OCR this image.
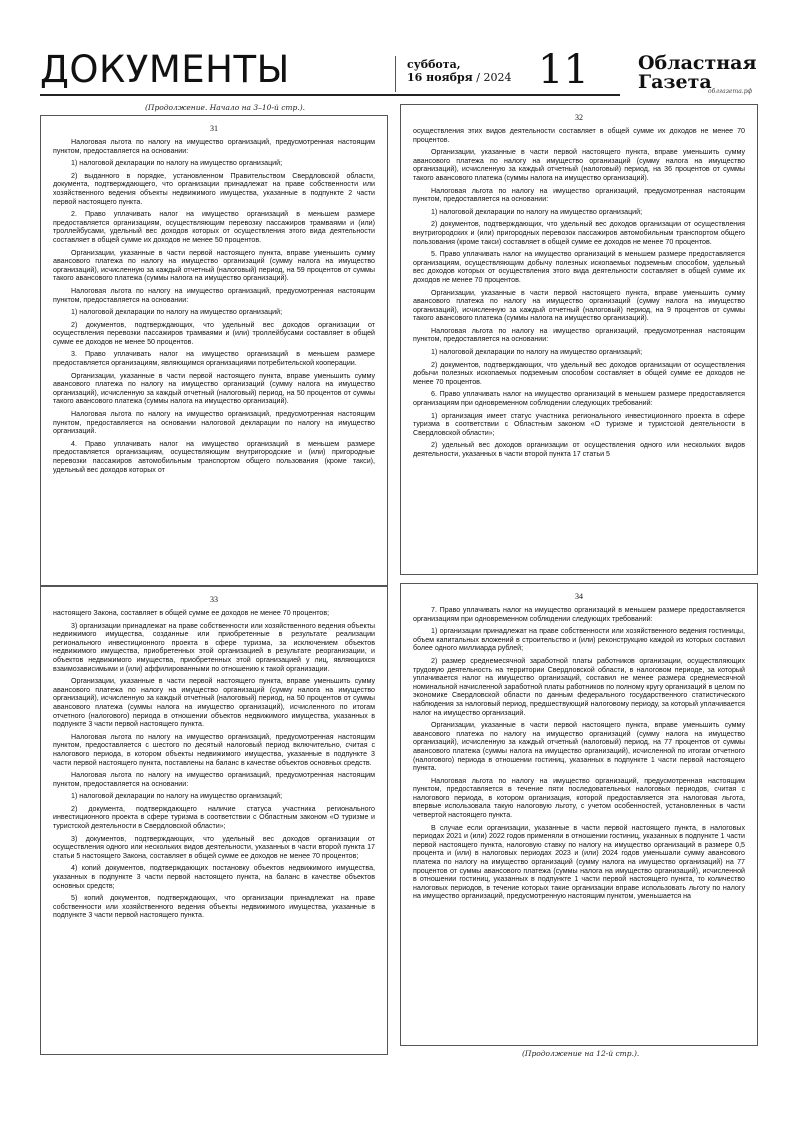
ДОКУМЕНТЫ	суббота,
16 ноября / 2024 11	Областная
Газета
облгазета.рф
(Продолжение. Начало на 3–10-й стр.).
31

Налоговая льгота по налогу на имущество организаций, предусмотренная настоящим пунктом, предоставляется на основании:

1) налоговой декларации по налогу на имущество организаций;

2) выданного в порядке, установленном Правительством Свердловской области, документа, подтверждающего, что организации принадлежат на праве собственности или хозяйственного ведения объекты недвижимого имущества, указанные в подпункте 2 части первой настоящего пункта.

2. Право уплачивать налог на имущество организаций в меньшем размере предоставляется организациям, осуществляющим перевозку пассажиров трамваями и (или) троллейбусами, удельный вес доходов которых от осуществления этого вида деятельности составляет в общей сумме их доходов не менее 50 процентов.

Организации, указанные в части первой настоящего пункта, вправе уменьшить сумму авансового платежа по налогу на имущество организаций (сумму налога на имущество организаций), исчисленную за каждый отчетный (налоговый) период, на 59 процентов от суммы такого авансового платежа (суммы налога на имущество организаций).

Налоговая льгота по налогу на имущество организаций, предусмотренная настоящим пунктом, предоставляется на основании:

1) налоговой декларации по налогу на имущество организаций;

2) документов, подтверждающих, что удельный вес доходов организации от осуществления перевозки пассажиров трамваями и (или) троллейбусами составляет в общей сумме ее доходов не менее 50 процентов.

3. Право уплачивать налог на имущество организаций в меньшем размере предоставляется организациям, являющимся организациями потребительской кооперации.

Организации, указанные в части первой настоящего пункта, вправе уменьшить сумму авансового платежа по налогу на имущество организаций (сумму налога на имущество организаций), исчисленную за каждый отчетный (налоговый) период, на 50 процентов от суммы такого авансового платежа (суммы налога на имущество организаций).

Налоговая льгота по налогу на имущество организаций, предусмотренная настоящим пунктом, предоставляется на основании налоговой декларации по налогу на имущество организаций.

4. Право уплачивать налог на имущество организаций в меньшем размере предоставляется организациям, осуществляющим внутригородские и (или) пригородные перевозки пассажиров автомобильным транспортом общего пользования (кроме такси), удельный вес доходов которых от

32

осуществления этих видов деятельности составляет в общей сумме их доходов не менее 70 процентов.

Организации, указанные в части первой настоящего пункта, вправе уменьшить сумму авансового платежа по налогу на имущество организаций (сумму налога на имущество организаций), исчисленную за каждый отчетный (налоговый) период, на 36 процентов от суммы такого авансового платежа (суммы налога на имущество организаций).

Налоговая льгота по налогу на имущество организаций, предусмотренная настоящим пунктом, предоставляется на основании:

1) налоговой декларации по налогу на имущество организаций;

2) документов, подтверждающих, что удельный вес доходов организации от осуществления внутригородских и (или) пригородных перевозок пассажиров автомобильным транспортом общего пользования (кроме такси) составляет в общей сумме ее доходов не менее 70 процентов.

5. Право уплачивать налог на имущество организаций в меньшем размере предоставляется организациям, осуществляющим добычу полезных ископаемых подземным способом, удельный вес доходов которых от осуществления этого вида деятельности составляет в общей сумме их доходов не менее 70 процентов.

Организации, указанные в части первой настоящего пункта, вправе уменьшить сумму авансового платежа по налогу на имущество организаций (сумму налога на имущество организаций), исчисленную за каждый отчетный (налоговый) период, на 9 процентов от суммы такого авансового платежа (суммы налога на имущество организаций).

Налоговая льгота по налогу на имущество организаций, предусмотренная настоящим пунктом, предоставляется на основании:

1) налоговой декларации по налогу на имущество организаций;

2) документов, подтверждающих, что удельный вес доходов организации от осуществления добычи полезных ископаемых подземным способом составляет в общей сумме ее доходов не менее 70 процентов.

6. Право уплачивать налог на имущество организаций в меньшем размере предоставляется организациям при одновременном соблюдении следующих требований:

1) организация имеет статус участника регионального инвестиционного проекта в сфере туризма в соответствии с Областным законом «О туризме и туристской деятельности в Свердловской области»;

2) удельный вес доходов организации от осуществления одного или нескольких видов деятельности, указанных в части второй пункта 17 статьи 5

33

настоящего Закона, составляет в общей сумме ее доходов не менее 70 процентов;

3) организации принадлежат на праве собственности или хозяйственного ведения объекты недвижимого имущества, созданные или приобретенные в результате реализации регионального инвестиционного проекта в сфере туризма, за исключением объектов недвижимого имущества, приобретенных этой организацией в результате реорганизации, и объектов недвижимого имущества, приобретенных этой организацией у лиц, являющихся взаимозависимыми и (или) аффилированными по отношению к такой организации.

Организации, указанные в части первой настоящего пункта, вправе уменьшить сумму авансового платежа по налогу на имущество организаций (сумму налога на имущество организаций), исчисленную за каждый отчетный (налоговый) период, на 50 процентов от суммы авансового платежа (суммы налога на имущество организаций), исчисленного по итогам отчетного (налогового) периода в отношении объектов недвижимого имущества, указанных в подпункте 3 части первой настоящего пункта.

Налоговая льгота по налогу на имущество организаций, предусмотренная настоящим пунктом, предоставляется с шестого по десятый налоговый период включительно, считая с налогового периода, в котором объекты недвижимого имущества, указанные в подпункте 3 части первой настоящего пункта, поставлены на баланс в качестве объектов основных средств.

Налоговая льгота по налогу на имущество организаций, предусмотренная настоящим пунктом, предоставляется на основании:

1) налоговой декларации по налогу на имущество организаций;

2) документа, подтверждающего наличие статуса участника регионального инвестиционного проекта в сфере туризма в соответствии с Областным законом «О туризме и туристской деятельности в Свердловской области»;

3) документов, подтверждающих, что удельный вес доходов организации от осуществления одного или нескольких видов деятельности, указанных в части второй пункта 17 статьи 5 настоящего Закона, составляет в общей сумме ее доходов не менее 70 процентов;

4) копий документов, подтверждающих постановку объектов недвижимого имущества, указанных в подпункте 3 части первой настоящего пункта, на баланс в качестве объектов основных средств;

5) копий документов, подтверждающих, что организации принадлежат на праве собственности или хозяйственного ведения объекты недвижимого имущества, указанные в подпункте 3 части первой настоящего пункта.

34

7. Право уплачивать налог на имущество организаций в меньшем размере предоставляется организациям при одновременном соблюдении следующих требований:

1) организации принадлежат на праве собственности или хозяйственного ведения гостиницы, объем капитальных вложений в строительство и (или) реконструкцию каждой из которых составил более одного миллиарда рублей;

2) размер среднемесячной заработной платы работников организации, осуществляющих трудовую деятельность на территории Свердловской области, в налоговом периоде, за который уплачивается налог на имущество организаций, составил не менее размера среднемесячной номинальной начисленной заработной платы работников по полному кругу организаций в целом по экономике Свердловской области по данным федерального государственного статистического наблюдения за налоговый период, предшествующий налоговому периоду, за который уплачивается налог на имущество организаций.

Организации, указанные в части первой настоящего пункта, вправе уменьшить сумму авансового платежа по налогу на имущество организаций (сумму налога на имущество организаций), исчисленную за каждый отчетный (налоговый) период, на 77 процентов от суммы авансового платежа (суммы налога на имущество организаций), исчисленной по итогам отчетного (налогового) периода в отношении гостиниц, указанных в подпункте 1 части первой настоящего пункта.

Налоговая льгота по налогу на имущество организаций, предусмотренная настоящим пунктом, предоставляется в течение пяти последовательных налоговых периодов, считая с налогового периода, в котором организация, которой предоставляется эта налоговая льгота, впервые использовала такую налоговую льготу, с учетом особенностей, установленных в части четвертой настоящего пункта.

В случае если организации, указанные в части первой настоящего пункта, в налоговых периодах 2021 и (или) 2022 годов применяли в отношении гостиниц, указанных в подпункте 1 части первой настоящего пункта, налоговую ставку по налогу на имущество организаций в размере 0,5 процента и (или) в налоговых периодах 2023 и (или) 2024 годов уменьшали сумму авансового платежа по налогу на имущество организаций (сумму налога на имущество организаций) на 77 процентов от суммы авансового платежа (суммы налога на имущество организаций), исчисленной в отношении гостиниц, указанных в подпункте 1 части первой настоящего пункта, то количество налоговых периодов, в течение которых такие организации вправе использовать льготу по налогу на имущество организаций, предусмотренную настоящим пунктом, уменьшается на

(Продолжение на 12-й стр.).
